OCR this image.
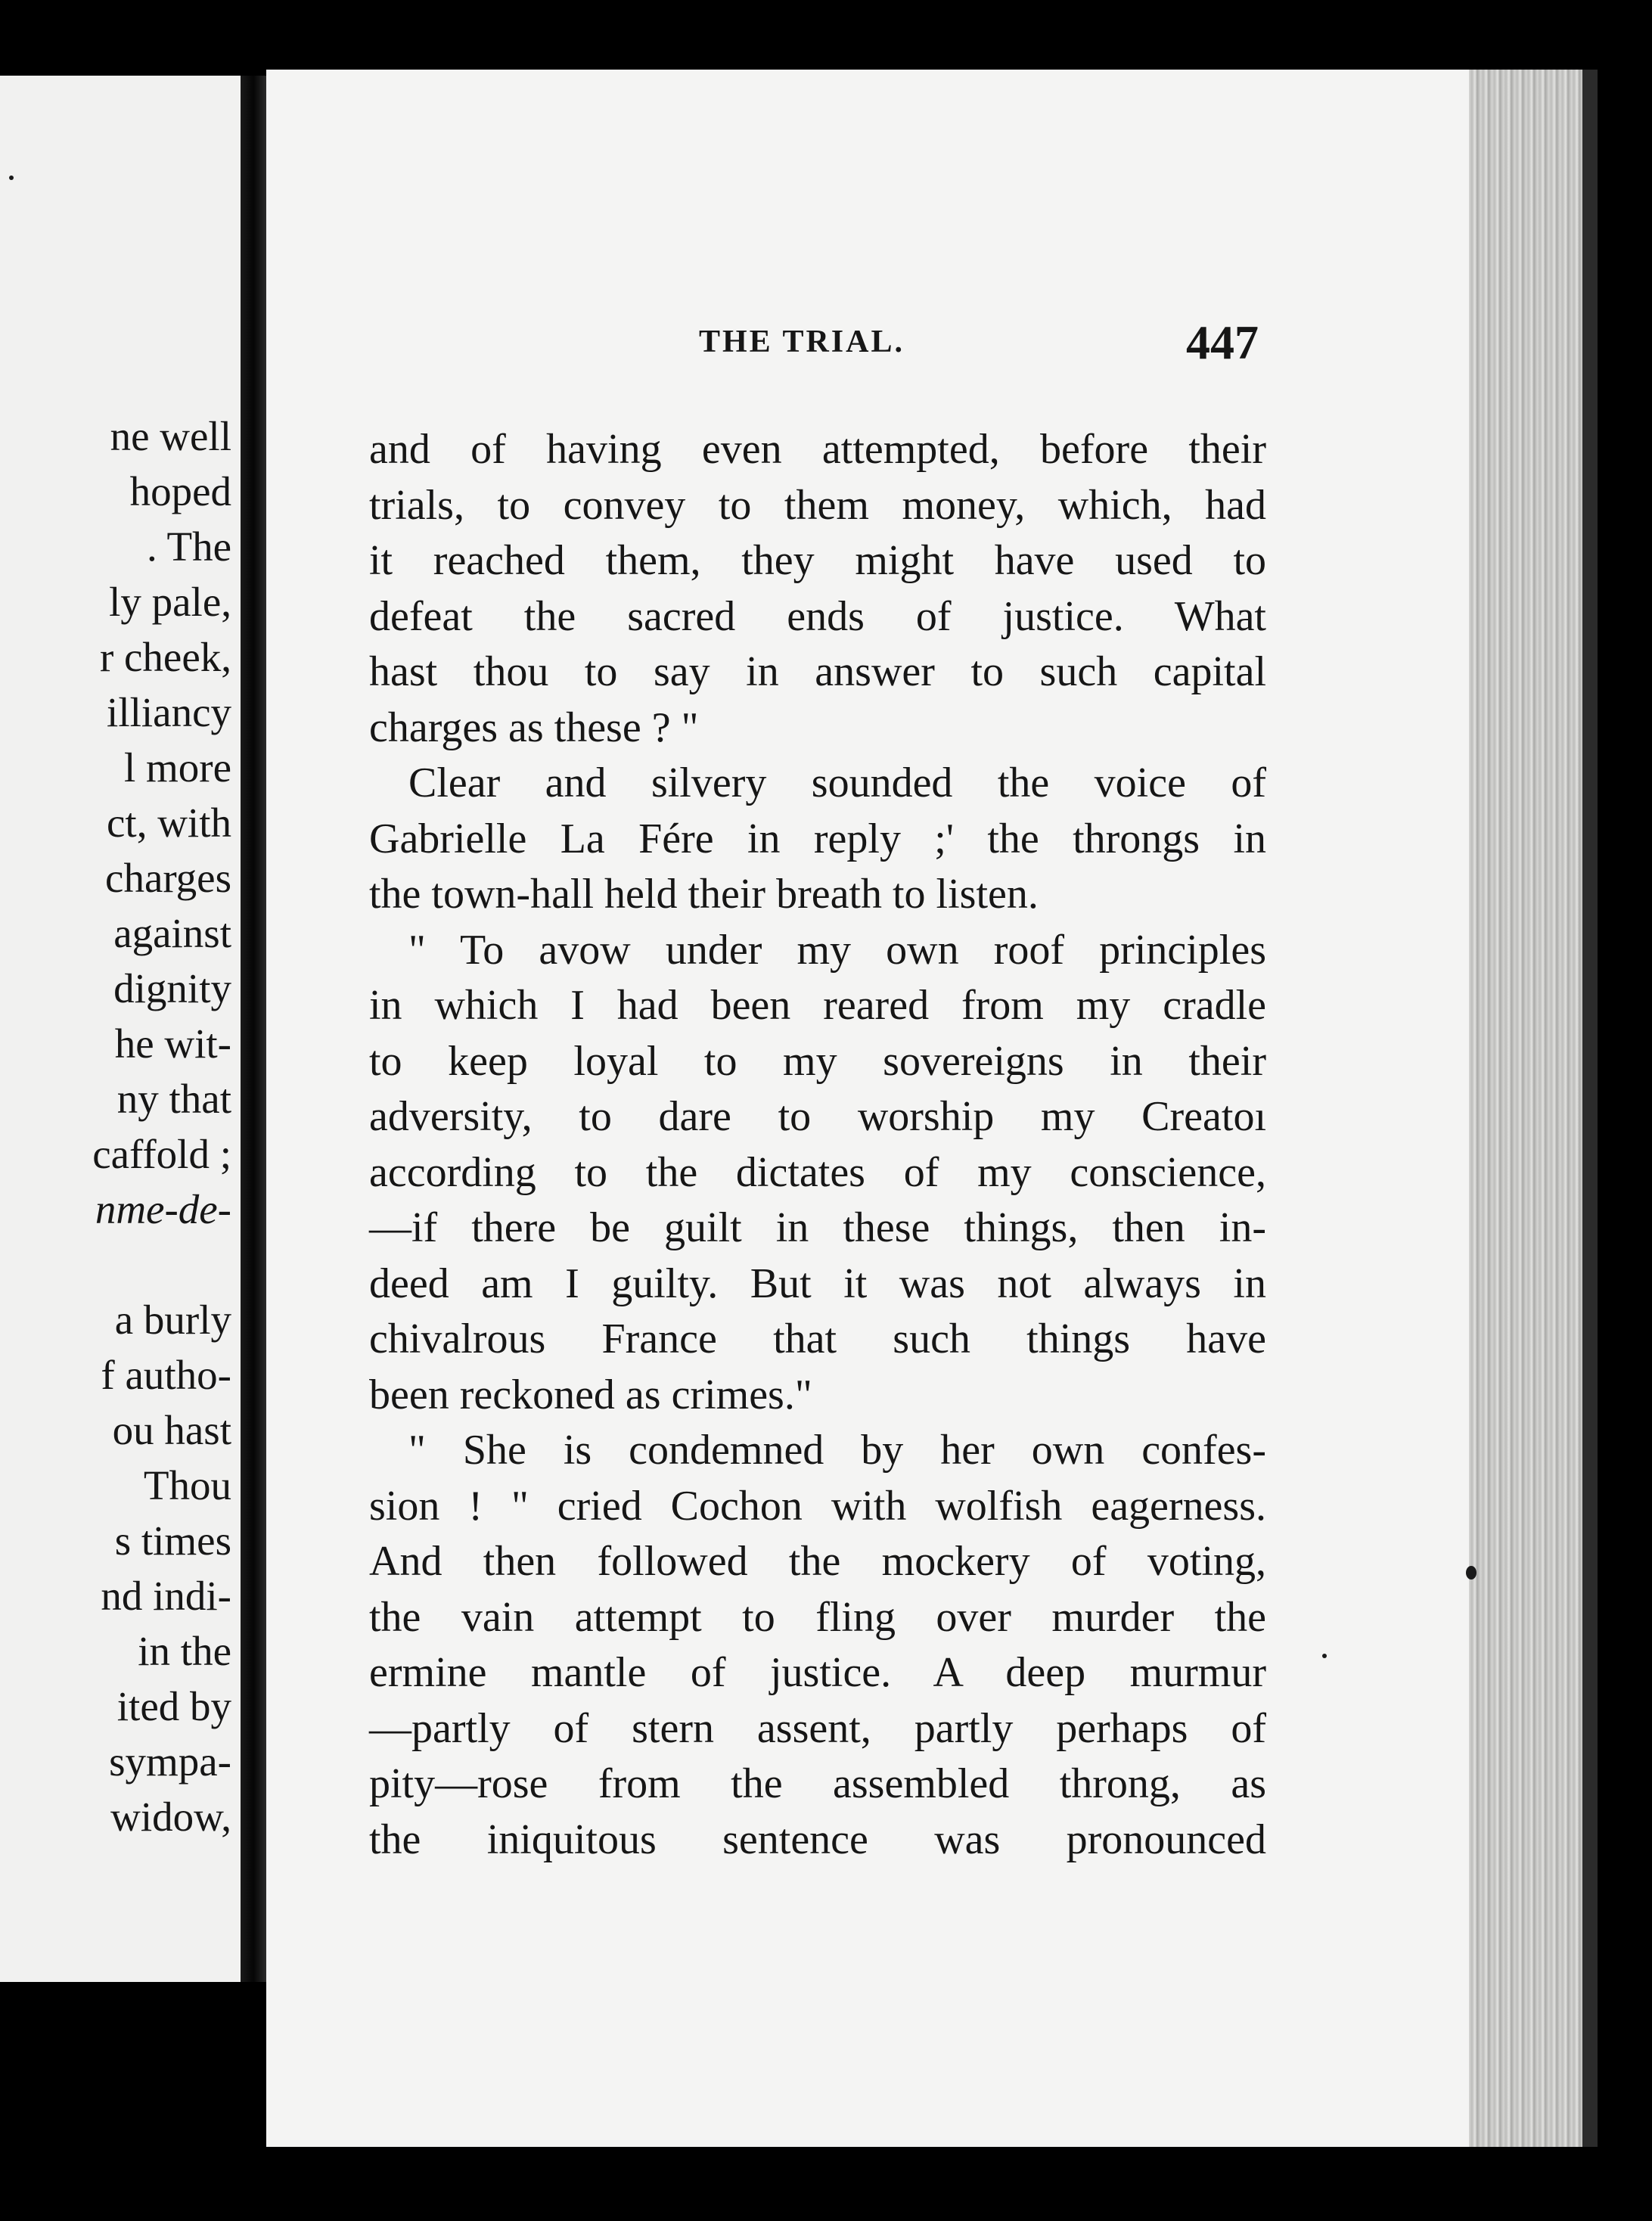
ne well
hoped
. The
ly pale,
r cheek,
illiancy
l more
ct, with
charges
against
dignity
he wit-
ny that
caffold ;
nme-de-
a burly
f autho-
ou hast
Thou
s times
nd indi-
in the
ited by
sympa-
widow,
THE TRIAL.	447
and of having even attempted, before their
trials, to convey to them money, which, had
it reached them, they might have used to
defeat the sacred ends of justice. What
hast thou to say in answer to such capital
charges as these ? "
Clear and silvery sounded the voice of
Gabrielle La Fére in reply ;' the throngs in
the town-hall held their breath to listen.
" To avow under my own roof principles
in which I had been reared from my cradle
to keep loyal to my sovereigns in their
adversity, to dare to worship my Creatoı
according to the dictates of my conscience,
—if there be guilt in these things, then in-
deed am I guilty. But it was not always in
chivalrous France that such things have
been reckoned as crimes."
" She is condemned by her own confes-
sion ! " cried Cochon with wolfish eagerness.
And then followed the mockery of voting,
the vain attempt to fling over murder the
ermine mantle of justice. A deep murmur
—partly of stern assent, partly perhaps of
pity—rose from the assembled throng, as
the iniquitous sentence was pronounced
